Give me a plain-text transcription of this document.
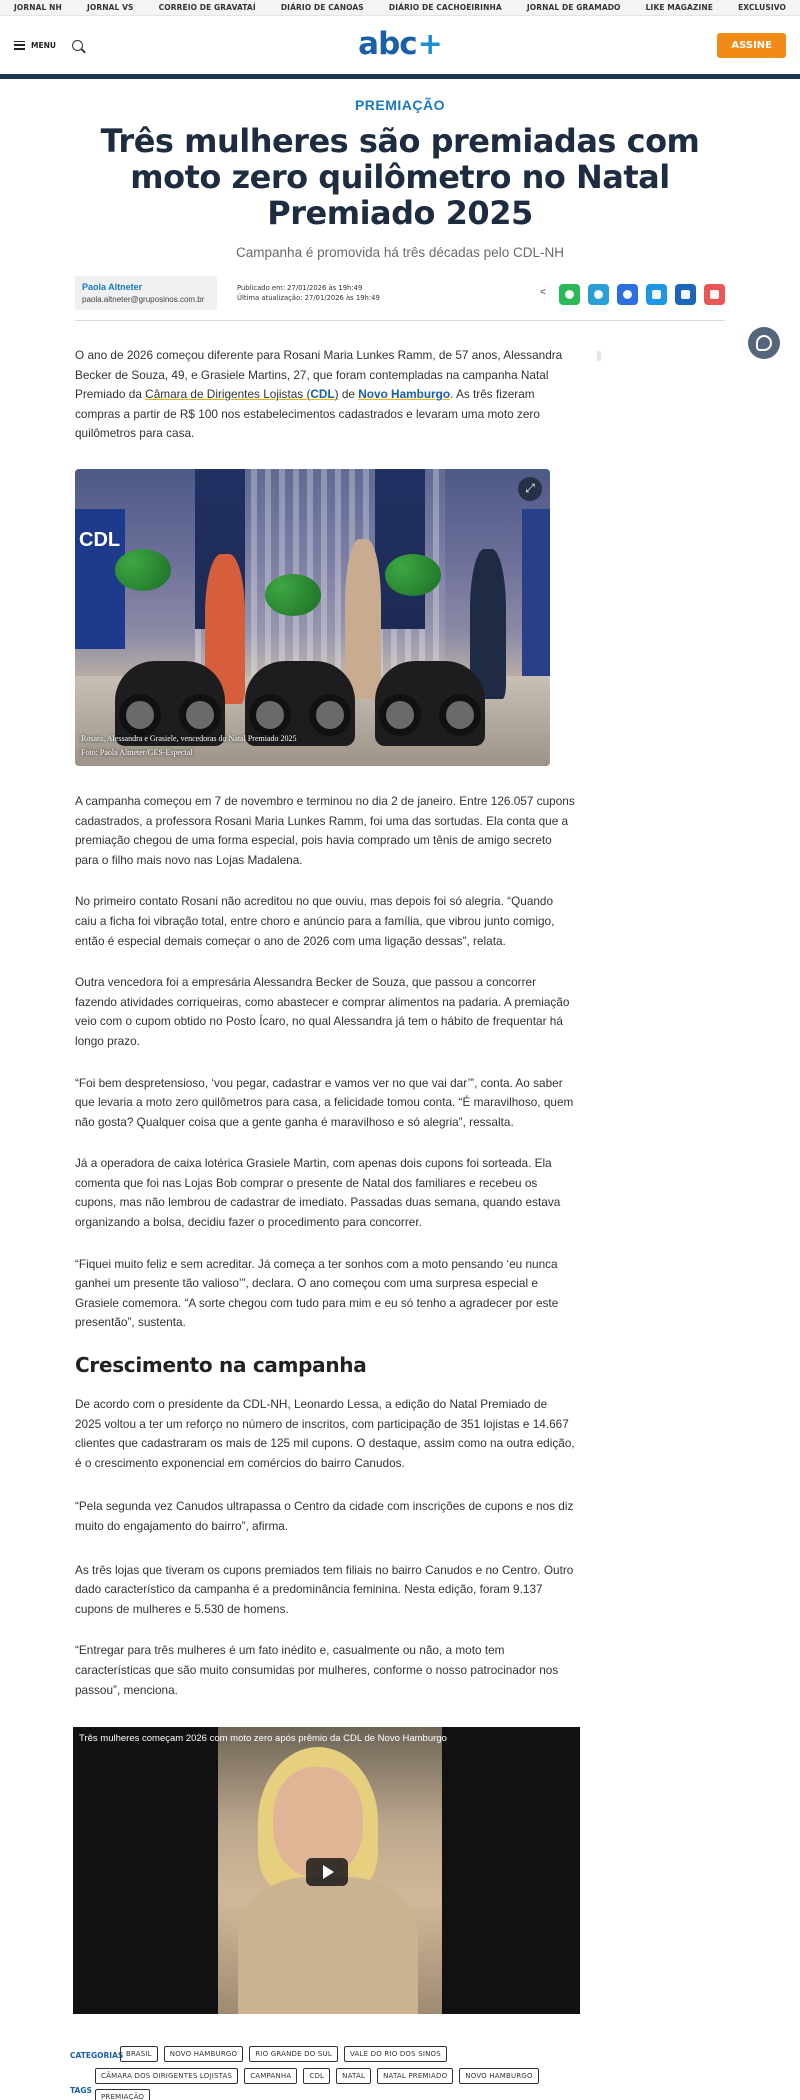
JORNAL NH	JORNAL VS	CORREIO DE GRAVATAÍ	DIÁRIO DE CANOAS	DIÁRIO DE CACHOEIRINHA	JORNAL DE GRAMADO	LIKE MAGAZINE	EXCLUSIVO
MENU	abc +	ASSINE
PREMIAÇÃO
Três mulheres são premiadas com moto zero quilômetro no Natal Premiado 2025
Campanha é promovida há três décadas pelo CDL-NH
Paola Altneter
paola.altneter@gruposinos.com.br
Publicado em: 27/01/2026 às 19h:49
Última atualização: 27/01/2026 às 19h:49
<

O ano de 2026 começou diferente para Rosani Maria Lunkes Ramm, de 57 anos, Alessandra Becker de Souza, 49, e Grasiele Martins, 27, que foram contempladas na campanha Natal Premiado da Câmara de Dirigentes Lojistas (CDL) de Novo Hamburgo. As três fizeram compras a partir de R$ 100 nos estabelecimentos cadastrados e levaram uma moto zero quilômetros para casa.

CDL
⤢
Rosani, Alessandra e Grasiele, vencedoras do Natal Premiado 2025
Foto: Paola Altneter/GES-Especial

A campanha começou em 7 de novembro e terminou no dia 2 de janeiro. Entre 126.057 cupons cadastrados, a professora Rosani Maria Lunkes Ramm, foi uma das sortudas. Ela conta que a premiação chegou de uma forma especial, pois havia comprado um tênis de amigo secreto para o filho mais novo nas Lojas Madalena.

No primeiro contato Rosani não acreditou no que ouviu, mas depois foi só alegria. “Quando caiu a ficha foi vibração total, entre choro e anúncio para a família, que vibrou junto comigo, então é especial demais começar o ano de 2026 com uma ligação dessas”, relata.

Outra vencedora foi a empresária Alessandra Becker de Souza, que passou a concorrer fazendo atividades corriqueiras, como abastecer e comprar alimentos na padaria. A premiação veio com o cupom obtido no Posto Ícaro, no qual Alessandra já tem o hábito de frequentar há longo prazo.

“Foi bem despretensioso, ‘vou pegar, cadastrar e vamos ver no que vai dar’”, conta. Ao saber que levaria a moto zero quilômetros para casa, a felicidade tomou conta. “É maravilhoso, quem não gosta? Qualquer coisa que a gente ganha é maravilhoso e só alegria”, ressalta.

Já a operadora de caixa lotérica Grasiele Martin, com apenas dois cupons foi sorteada. Ela comenta que foi nas Lojas Bob comprar o presente de Natal dos familiares e recebeu os cupons, mas não lembrou de cadastrar de imediato. Passadas duas semana, quando estava organizando a bolsa, decidiu fazer o procedimento para concorrer.

“Fiquei muito feliz e sem acreditar. Já começa a ter sonhos com a moto pensando ‘eu nunca ganhei um presente tão valioso’”, declara. O ano começou com uma surpresa especial e Grasiele comemora. “A sorte chegou com tudo para mim e eu só tenho a agradecer por este presentão”, sustenta.

Crescimento na campanha

De acordo com o presidente da CDL-NH, Leonardo Lessa, a edição do Natal Premiado de 2025 voltou a ter um reforço no número de inscritos, com participação de 351 lojistas e 14.667 clientes que cadastraram os mais de 125 mil cupons. O destaque, assim como na outra edição, é o crescimento exponencial em comércios do bairro Canudos.

“Pela segunda vez Canudos ultrapassa o Centro da cidade com inscrições de cupons e nos diz muito do engajamento do bairro”, afirma.

As três lojas que tiveram os cupons premiados tem filiais no bairro Canudos e no Centro. Outro dado característico da campanha é a predominância feminina. Nesta edição, foram 9.137 cupons de mulheres e 5.530 de homens.

“Entregar para três mulheres é um fato inédito e, casualmente ou não, a moto tem características que são muito consumidas por mulheres, conforme o nosso patrocinador nos passou”, menciona.

Três mulheres começam 2026 com moto zero após prêmio da CDL de Novo Hamburgo
CATEGORIAS BRASIL	NOVO HAMBURGO	RIO GRANDE DO SUL	VALE DO RIO DOS SINOS
TAGS
CÂMARA DOS DIRIGENTES LOJISTAS	CAMPANHA	CDL	NATAL	NATAL PREMIADO	NOVO HAMBURGO
PREMIAÇÃO
